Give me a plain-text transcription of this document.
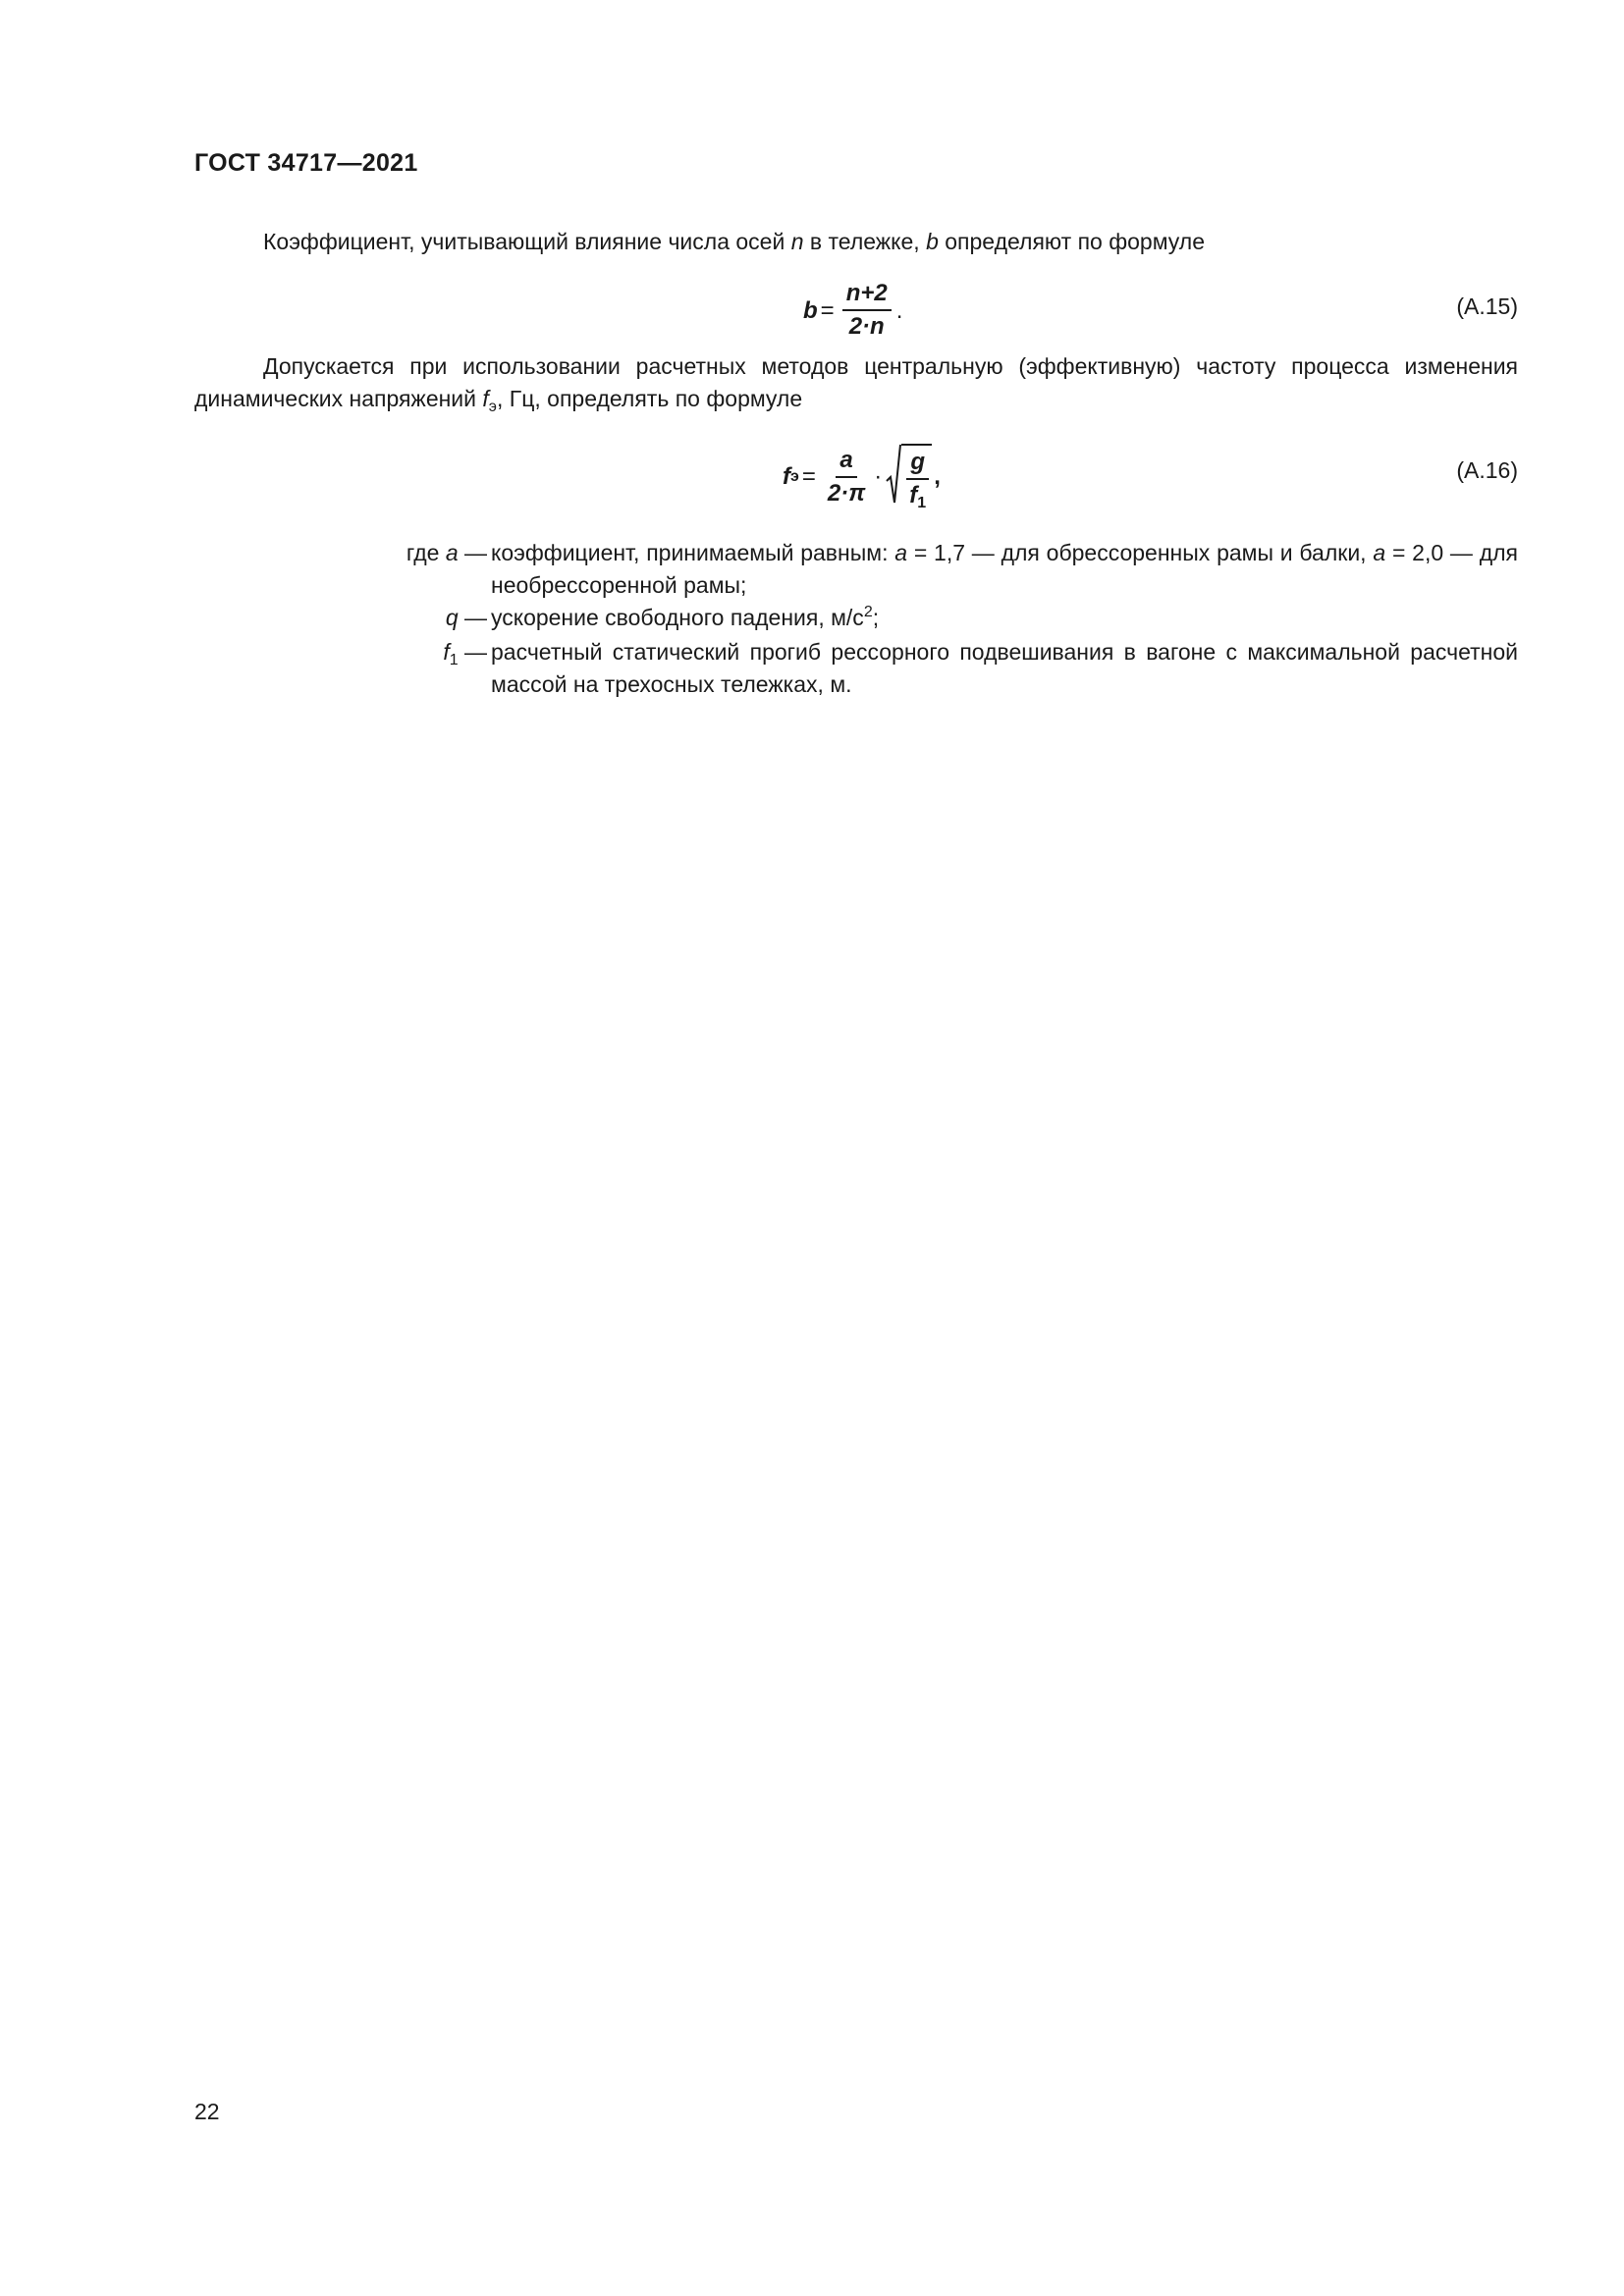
ГОСТ 34717—2021
Коэффициент, учитывающий влияние числа осей n в тележке, b определяют по формуле
$b = \frac{n+2}{2\cdot n}$ .	(А.15)
Допускается при использовании расчетных методов центральную (эффективную) частоту процесса изменения динамических напряжений $f_э$, Гц, определять по формуле
f $э = \frac{a}{2\cdot\pi} \cdot \frac{g}{f_1}$ ,	(А.16)
где a — коэффициент, принимаемый равным: a = 1,7 — для обрессоренных рамы и балки, a = 2,0 — для необрессоренной рамы;
q — ускорение свободного падения, $м/с^2$;
$f_1$ — расчетный статический прогиб рессорного подвешивания в вагоне с максимальной расчетной массой на трехосных тележках, м.
22
